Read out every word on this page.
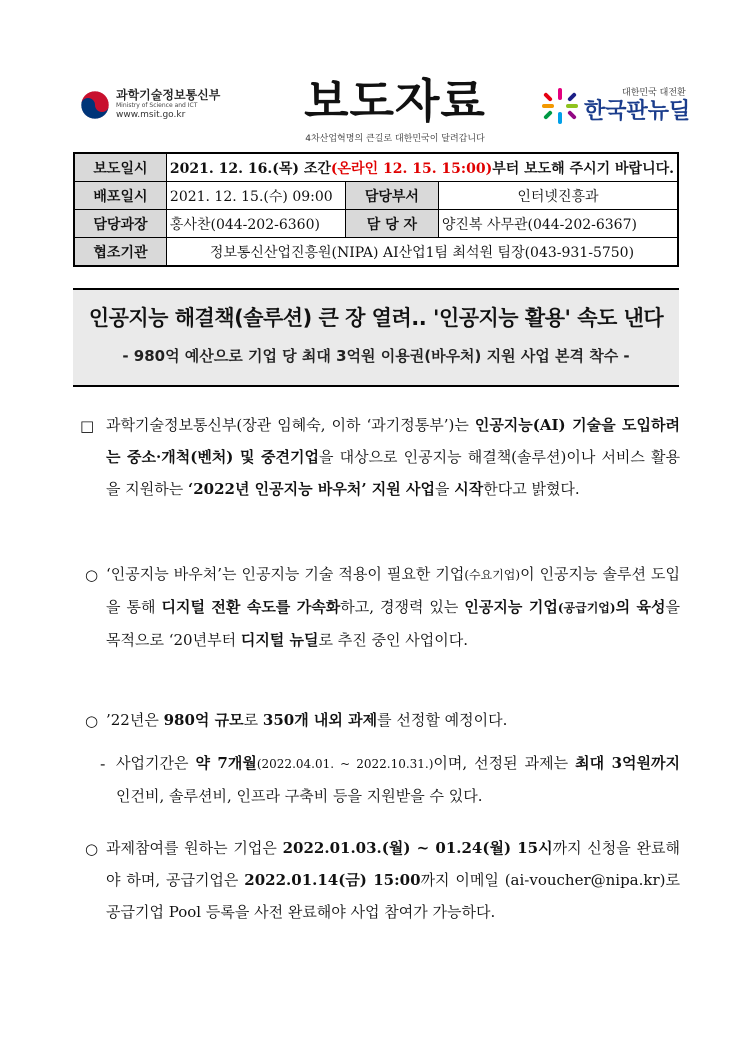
과학기술정보통신부
Ministry of Science and ICT
www.msit.go.kr	보도자료
4차산업혁명의 큰길로 대한민국이 달려갑니다
대한민국 대전환
한국판뉴딜
보도일시	2021. 12. 16.(목) 조간(온라인 12. 15. 15:00)부터 보도해 주시기 바랍니다.		
배포일시	2021. 12. 15.(수) 09:00	담당부서	인터넷진흥과
담당과장	홍사찬(044-202-6360)	담 당 자	양진복 사무관(044-202-6367)
협조기관	정보통신산업진흥원(NIPA) AI산업1팀 최석원 팀장(043-931-5750)		
인공지능 해결책(솔루션) 큰 장 열려.. '인공지능 활용' 속도 낸다
- 980억 예산으로 기업 당 최대 3억원 이용권(바우처) 지원 사업 본격 착수 -
□ 과학기술정보통신부(장관 임혜숙, 이하 ‘과기정통부’)는 인공지능(AI) 기술을 도입하려는 중소·개척(벤처) 및 중견기업을 대상으로 인공지능 해결책(솔루션)이나 서비스 활용을 지원하는 ‘2022년 인공지능 바우처’ 지원 사업을 시작한다고 밝혔다.
○ ‘인공지능 바우처’는 인공지능 기술 적용이 필요한 기업(수요기업)이 인공지능 솔루션 도입을 통해 디지털 전환 속도를 가속화하고, 경쟁력 있는 인공지능 기업(공급기업)의 육성을 목적으로 ‘20년부터 디지털 뉴딜로 추진 중인 사업이다.
○ ’22년은 980억 규모로 350개 내외 과제를 선정할 예정이다.
- 사업기간은 약 7개월(2022.04.01. ~ 2022.10.31.)이며, 선정된 과제는 최대 3억원까지 인건비, 솔루션비, 인프라 구축비 등을 지원받을 수 있다.
○ 과제참여를 원하는 기업은 2022.01.03.(월) ~ 01.24(월) 15시까지 신청을 완료해야 하며, 공급기업은 2022.01.14(금) 15:00까지 이메일 (ai-voucher@nipa.kr)로 공급기업 Pool 등록을 사전 완료해야 사업 참여가 가능하다.
